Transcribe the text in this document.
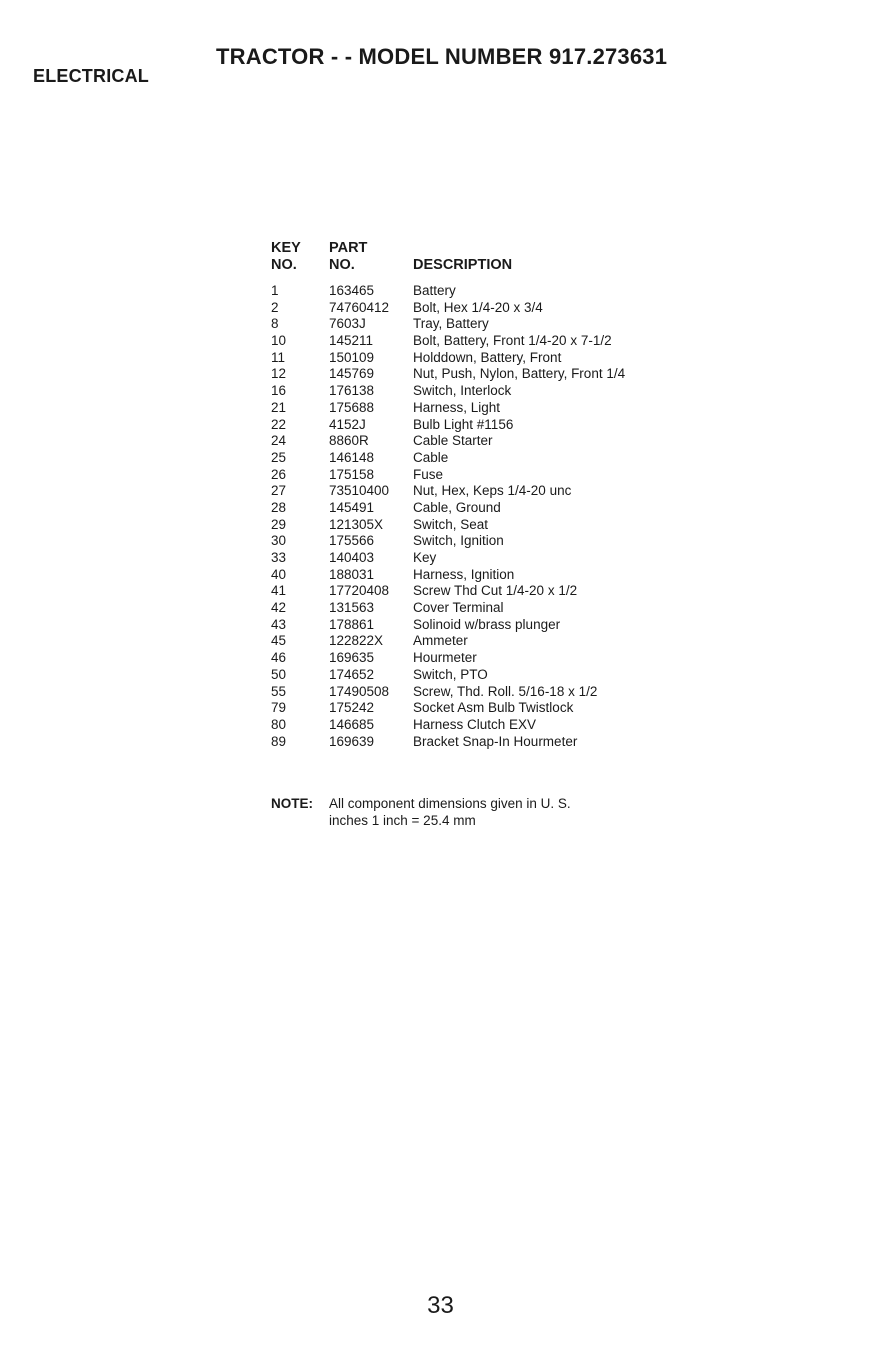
TRACTOR - - MODEL NUMBER 917.273631
ELECTRICAL
KEY PART
NO. NO.	DESCRIPTION
1	163465	Battery
2	74760412 Bolt, Hex 1/4-20 x 3/4
8	7603J	Tray, Battery
10	145211	Bolt, Battery, Front 1/4-20 x 7-1/2
11	150109	Holddown, Battery, Front
12	145769	Nut, Push, Nylon, Battery, Front 1/4
16	176138	Switch, Interlock
21	175688	Harness, Light
22	4152J	Bulb Light #1156
24	8860R	Cable Starter
25	146148	Cable
26	175158	Fuse
27	73510400 Nut, Hex, Keps 1/4-20 unc
28	145491	Cable, Ground
29	121305X Switch, Seat
30	175566	Switch, Ignition
33	140403	Key
40	188031	Harness, Ignition
41	17720408 Screw Thd Cut 1/4-20 x 1/2
42	131563	Cover Terminal
43	178861	Solinoid w/brass plunger
45	122822X Ammeter
46	169635	Hourmeter
50	174652	Switch, PTO
55	17490508 Screw, Thd. Roll. 5/16-18 x 1/2
79	175242	Socket Asm Bulb Twistlock
80	146685	Harness Clutch EXV
89	169639	Bracket Snap-In Hourmeter
NOTE: All component dimensions given in U. S.
inches 1 inch = 25.4 mm
33
